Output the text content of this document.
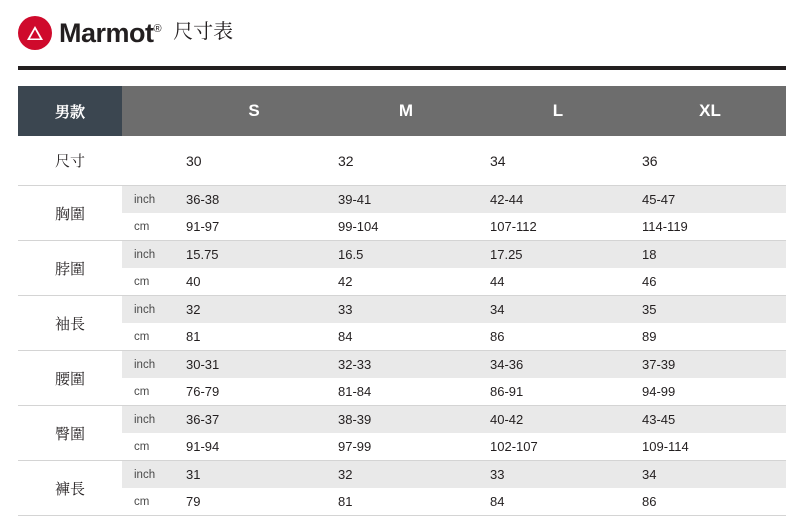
Marmot® 尺寸表
男款		S	M	L	XL
尺寸		30	32	34	36
胸圍	inch	36-38	39-41	42-44	45-47
	cm	91-97	99-104	107-112	114-119
脖圍	inch	15.75	16.5	17.25	18
	cm	40	42	44	46
袖長	inch	32	33	34	35
	cm	81	84	86	89
腰圍	inch	30-31	32-33	34-36	37-39
	cm	76-79	81-84	86-91	94-99
臀圍	inch	36-37	38-39	40-42	43-45
	cm	91-94	97-99	102-107	109-114
褲長	inch	31	32	33	34
	cm	79	81	84	86
